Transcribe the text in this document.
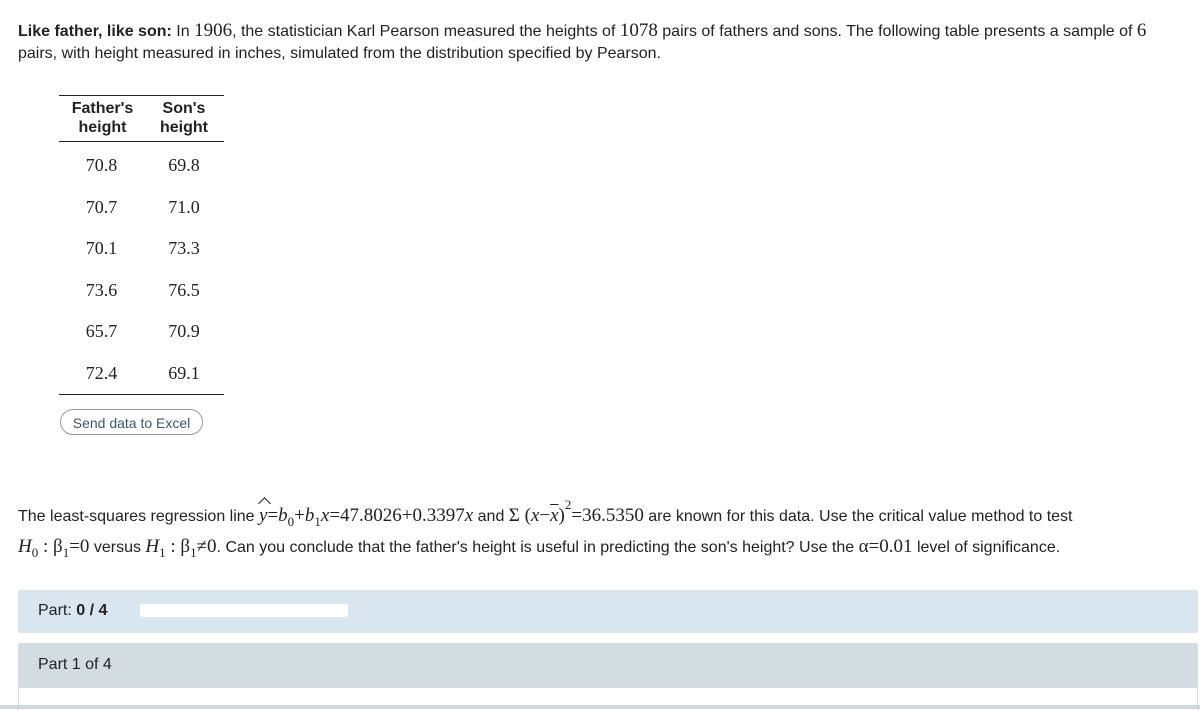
Like father, like son: In 1906, the statistician Karl Pearson measured the heights of 1078 pairs of fathers and sons. The following table presents a sample of 6
pairs, with height measured in inches, simulated from the distribution specified by Pearson.
Father's height	Son's height
70.8	69.8
70.7	71.0
70.1	73.3
73.6	76.5
65.7	70.9
72.4	69.1
Send data to Excel
The least-squares regression line $y=b_0+b_1x=47.8026+0.3397x$ and Σ $(x-\overline{x})^2=36.5350$ are known for this data. Use the critical value method to test
$H_0$ : $\beta_1=0$ versus $H_1$ : $\beta_1\ne 0$. Can you conclude that the father's height is useful in predicting the son's height? Use the α=0.01 level of significance.
Part: 0 / 4
Part 1 of 4
